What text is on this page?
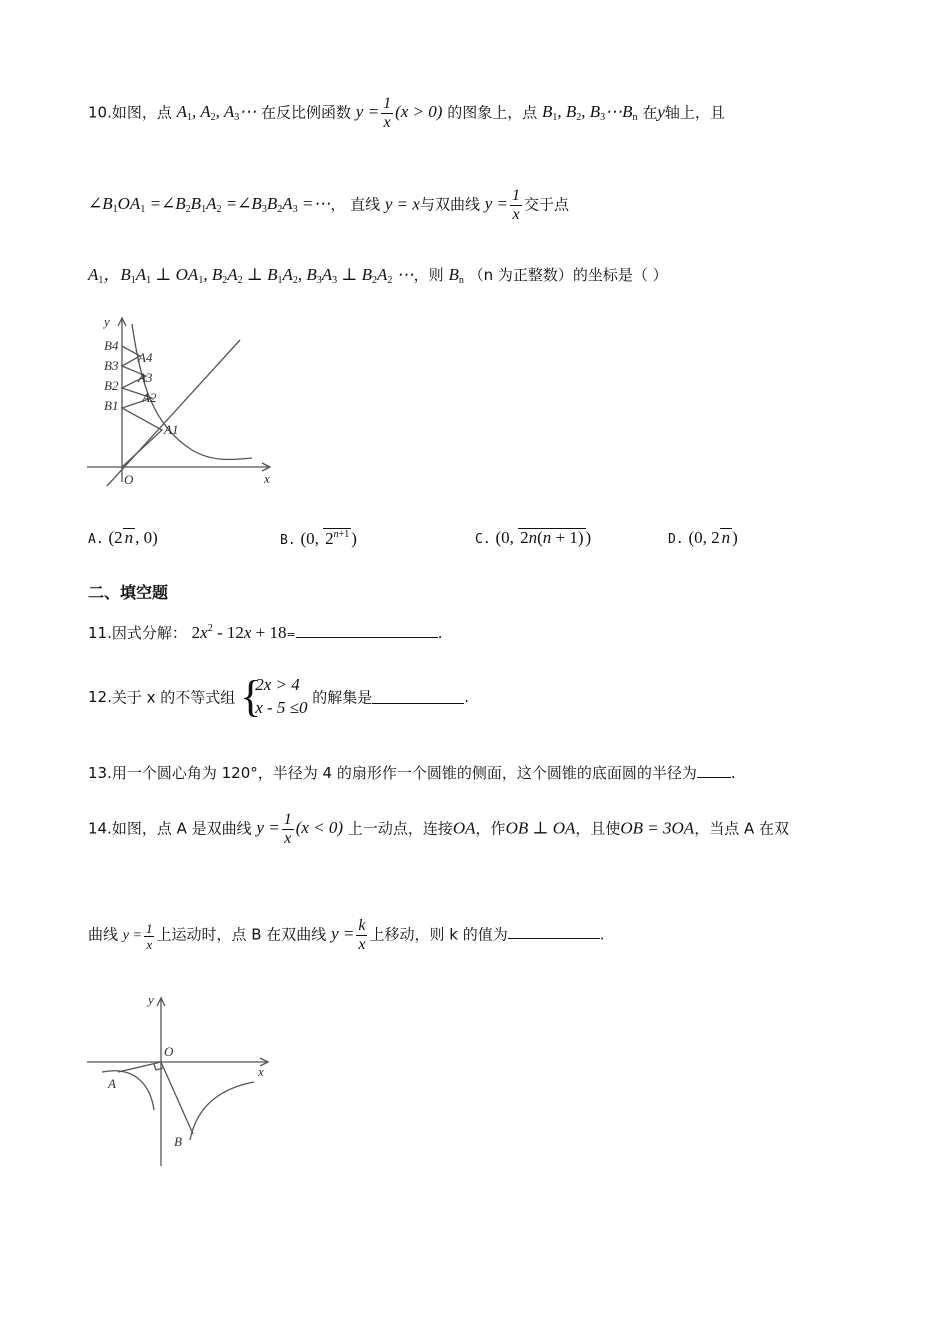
10.如图，点 $A_1$, $A_2$, $A_3\cdots$ 在反比例函数 $y = \frac{1}{x} (x > 0)$ 的图象上，点 $B_1$, $B_2$, $B_3\cdots B_n$ 在y轴上，且
$\angle B_1OA_1$ $=\angle B_2B_1A_2$ $=\angle B_3B_2A_3$ =⋯， 直线 y = x与双曲线 $y = \frac{1}{x}$ 交于点
$A_1$，$B_1A_1$ ⊥ $OA_1$, $B_2A_2$ ⊥ $B_1A_2$, $B_3A_3$ ⊥ $B_2A_2$ ⋯，则 $B_n$ （n 为正整数）的坐标是（ ）
y
x
O
B4
B3
B2
B1
A4
A3
A2
A1
A. (2 n , 0)	B. (0, $2^{n+1}$ )	C. (0, 2n(n + 1) )	D. (0, 2 n )
二、填空题
11.因式分解： $2x^2 - 12x + 18=$	.
12.关于 x 的不等式组 {
2x > 4
x - 5 ≤0
的解集是	.
13.用一个圆心角为 120°，半径为 4 的扇形作一个圆锥的侧面，这个圆锥的底面圆的半径为 .
14.如图，点 A 是双曲线 $y = \frac{1}{x} (x < 0)$ 上一动点，连接OA，作OB ⊥ OA，且使OB = 3OA，当点 A 在双
曲线 $y = \frac{1}{x}$ 上运动时，点 B 在双曲线 $y = \frac{k}{x}$ 上移动，则 k 的值为	.
y
x
O
A
B
